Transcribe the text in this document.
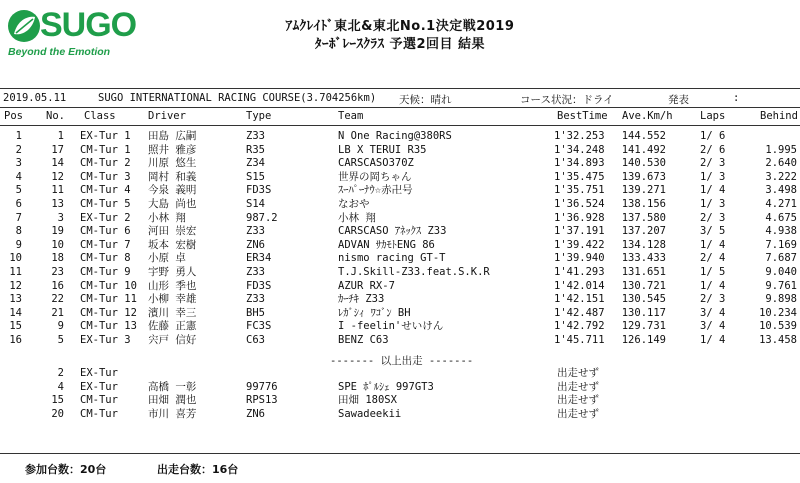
SUGO
Beyond the Emotion
ｱﾑｸﾚｲﾄﾞ東北&東北No.1決定戦2019
ﾀｰﾎﾞﾚｰｽｸﾗｽ 予選2回目 結果
2019.05.11	SUGO INTERNATIONAL RACING COURSE(3.704256km) 天候：晴れ	コース状況：ドライ	発表	:
Pos No. Class	Driver	Type	Team	BestTime Ave.Km/h	Laps	Behind
1	1 EX-Tur 1	田島 広嗣	Z33	N One Racing@380RS	1'32.253 144.552	1/ 6
2	17 CM-Tur 1	照井 雅彦	R35	LB X TERUI R35	1'34.248 141.492	2/ 6	1.995
3	14 CM-Tur 2	川原 悠生	Z34	CARSCASO370Z	1'34.893 140.530	2/ 3	2.640
4	12 CM-Tur 3	岡村 和義	S15	世界の岡ちゃん	1'35.475 139.673	1/ 3	3.222
5	11 CM-Tur 4	今泉 義明	FD3S	ｽｰﾊﾟｰﾅｳ☆赤卍号	1'35.751 139.271	1/ 4	3.498
6	13 CM-Tur 5	大島 尚也	S14	なおや	1'36.524 138.156	1/ 3	4.271
7	3 EX-Tur 2	小林 翔	987.2	小林 翔	1'36.928 137.580	2/ 3	4.675
8	19 CM-Tur 6	河田 崇宏	Z33	CARSCASO ｱﾈｯｸｽ Z33	1'37.191 137.207	3/ 5	4.938
9	10 CM-Tur 7	坂本 宏樹	ZN6	ADVAN ｻｶﾓﾄENG 86	1'39.422 134.128	1/ 4	7.169
10	18 CM-Tur 8	小原 卓	ER34	nismo racing GT-T	1'39.940 133.433	2/ 4	7.687
11	23 CM-Tur 9	宇野 勇人	Z33	T.J.Skill-Z33.feat.S.K.R	1'41.293 131.651	1/ 5	9.040
12	16 CM-Tur 10	山形 季也	FD3S	AZUR RX-7	1'42.014 130.721	1/ 4	9.761
13	22 CM-Tur 11	小柳 幸雄	Z33	ｶｰﾁｷ Z33	1'42.151 130.545	2/ 3	9.898
14	21 CM-Tur 12	濱川 幸三	BH5	ﾚｶﾞｼｨ ﾜｺﾞﾝ BH	1'42.487 130.117	3/ 4	10.234
15	9 CM-Tur 13	佐藤 正憲	FC3S	I -feelin'せいけん	1'42.792 129.731	3/ 4	10.539
16	5 EX-Tur 3	宍戸 信好	C63	BENZ C63	1'45.711 126.149	1/ 4	13.458
------- 以上出走 -------
2 EX-Tur	出走せず
4 EX-Tur	高橋 一彰	99776	SPE ﾎﾟﾙｼｪ 997GT3	出走せず
15 CM-Tur	田畑 潤也	RPS13	田畑 180SX	出走せず
20 CM-Tur	市川 喜芳	ZN6	Sawadeekii	出走せず
参加台数：20台	出走台数：16台
